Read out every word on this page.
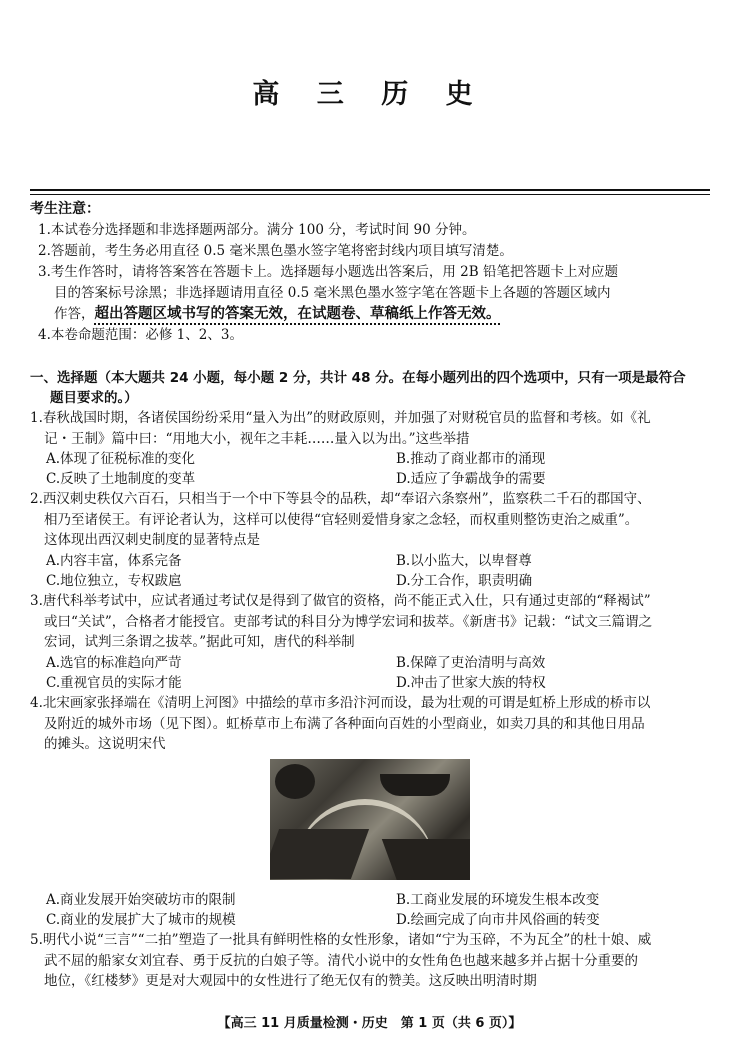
高 三 历 史
考生注意：
1.本试卷分选择题和非选择题两部分。满分 100 分，考试时间 90 分钟。
2.答题前，考生务必用直径 0.5 毫米黑色墨水签字笔将密封线内项目填写清楚。
3.考生作答时，请将答案答在答题卡上。选择题每小题选出答案后，用 2B 铅笔把答题卡上对应题
目的答案标号涂黑；非选择题请用直径 0.5 毫米黑色墨水签字笔在答题卡上各题的答题区域内
作答，超出答题区域书写的答案无效，在试题卷、草稿纸上作答无效。
4.本卷命题范围：必修 1、2、3。
一、选择题（本大题共 24 小题，每小题 2 分，共计 48 分。在每小题列出的四个选项中，只有一项是最符合
题目要求的。）
1.春秋战国时期，各诸侯国纷纷采用“量入为出”的财政原则，并加强了对财税官员的监督和考核。如《礼
记・王制》篇中曰：“用地大小，视年之丰耗……量入以为出。”这些举措
A.体现了征税标准的变化	B.推动了商业都市的涌现
C.反映了土地制度的变革	D.适应了争霸战争的需要
2.西汉刺史秩仅六百石，只相当于一个中下等县令的品秩，却“奉诏六条察州”，监察秩二千石的郡国守、
相乃至诸侯王。有评论者认为，这样可以使得“官轻则爱惜身家之念轻，而权重则整饬吏治之威重”。
这体现出西汉刺史制度的显著特点是
A.内容丰富，体系完备	B.以小监大，以卑督尊
C.地位独立，专权跋扈	D.分工合作，职责明确
3.唐代科举考试中，应试者通过考试仅是得到了做官的资格，尚不能正式入仕，只有通过吏部的“释褐试”
或曰“关试”，合格者才能授官。吏部考试的科目分为博学宏词和拔萃。《新唐书》记载：“试文三篇谓之
宏词，试判三条谓之拔萃。”据此可知，唐代的科举制
A.选官的标准趋向严苛	B.保障了吏治清明与高效
C.重视官员的实际才能	D.冲击了世家大族的特权
4.北宋画家张择端在《清明上河图》中描绘的草市多沿汴河而设，最为壮观的可谓是虹桥上形成的桥市以
及附近的城外市场（见下图）。虹桥草市上布满了各种面向百姓的小型商业，如卖刀具的和其他日用品
的摊头。这说明宋代
A.商业发展开始突破坊市的限制	B.工商业发展的环境发生根本改变
C.商业的发展扩大了城市的规模	D.绘画完成了向市井风俗画的转变
5.明代小说“三言”“二拍”塑造了一批具有鲜明性格的女性形象，诸如“宁为玉碎，不为瓦全”的杜十娘、威
武不屈的船家女刘宜春、勇于反抗的白娘子等。清代小说中的女性角色也越来越多并占据十分重要的
地位，《红楼梦》更是对大观园中的女性进行了绝无仅有的赞美。这反映出明清时期
【高三 11 月质量检测・历史　第 1 页（共 6 页）】
